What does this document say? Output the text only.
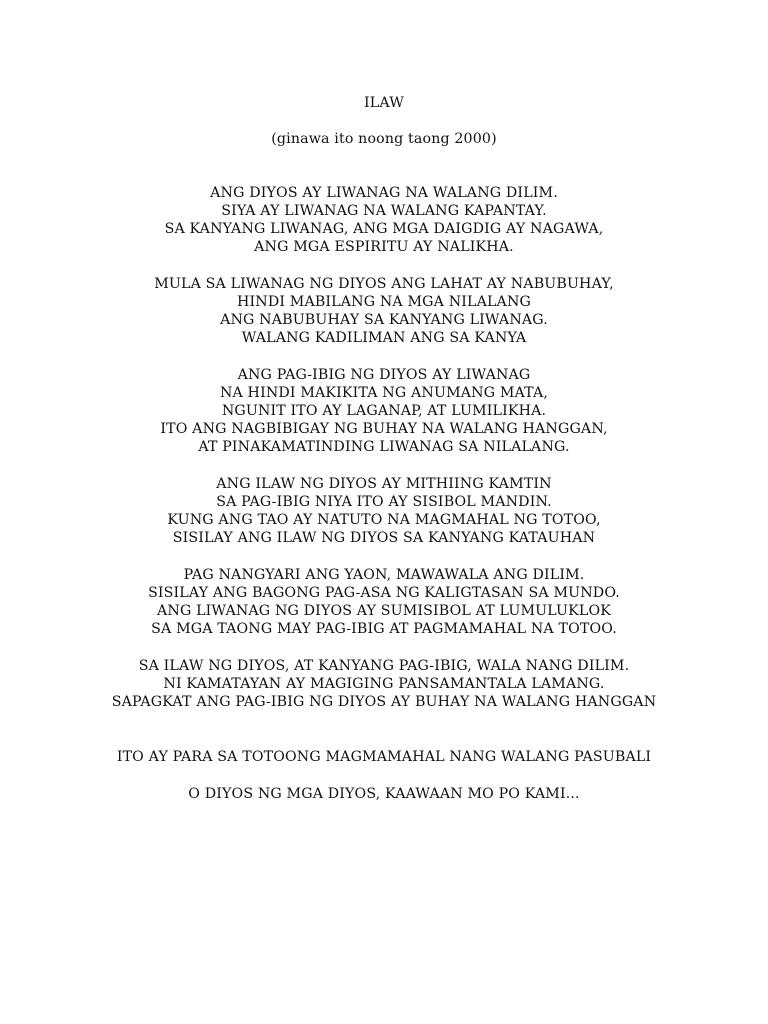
ILAW
(ginawa ito noong taong 2000)
ANG DIYOS AY LIWANAG NA WALANG DILIM.
SIYA AY LIWANAG NA WALANG KAPANTAY.
SA KANYANG LIWANAG, ANG MGA DAIGDIG AY NAGAWA,
ANG MGA ESPIRITU AY NALIKHA.
MULA SA LIWANAG NG DIYOS ANG LAHAT AY NABUBUHAY,
HINDI MABILANG NA MGA NILALANG
ANG NABUBUHAY SA KANYANG LIWANAG.
WALANG KADILIMAN ANG SA KANYA
ANG PAG-IBIG NG DIYOS AY LIWANAG
NA HINDI MAKIKITA NG ANUMANG MATA,
NGUNIT ITO AY LAGANAP, AT LUMILIKHA.
ITO ANG NAGBIBIGAY NG BUHAY NA WALANG HANGGAN,
AT PINAKAMATINDING LIWANAG SA NILALANG.
ANG ILAW NG DIYOS AY MITHIING KAMTIN
SA PAG-IBIG NIYA ITO AY SISIBOL MANDIN.
KUNG ANG TAO AY NATUTO NA MAGMAHAL NG TOTOO,
SISILAY ANG ILAW NG DIYOS SA KANYANG KATAUHAN
PAG NANGYARI ANG YAON, MAWAWALA ANG DILIM.
SISILAY ANG BAGONG PAG-ASA NG KALIGTASAN SA MUNDO.
ANG LIWANAG NG DIYOS AY SUMISIBOL AT LUMULUKLOK
SA MGA TAONG MAY PAG-IBIG AT PAGMAMAHAL NA TOTOO.
SA ILAW NG DIYOS, AT KANYANG PAG-IBIG, WALA NANG DILIM.
NI KAMATAYAN AY MAGIGING PANSAMANTALA LAMANG.
SAPAGKAT ANG PAG-IBIG NG DIYOS AY BUHAY NA WALANG HANGGAN
ITO AY PARA SA TOTOONG MAGMAMAHAL NANG WALANG PASUBALI
O DIYOS NG MGA DIYOS, KAAWAAN MO PO KAMI...
